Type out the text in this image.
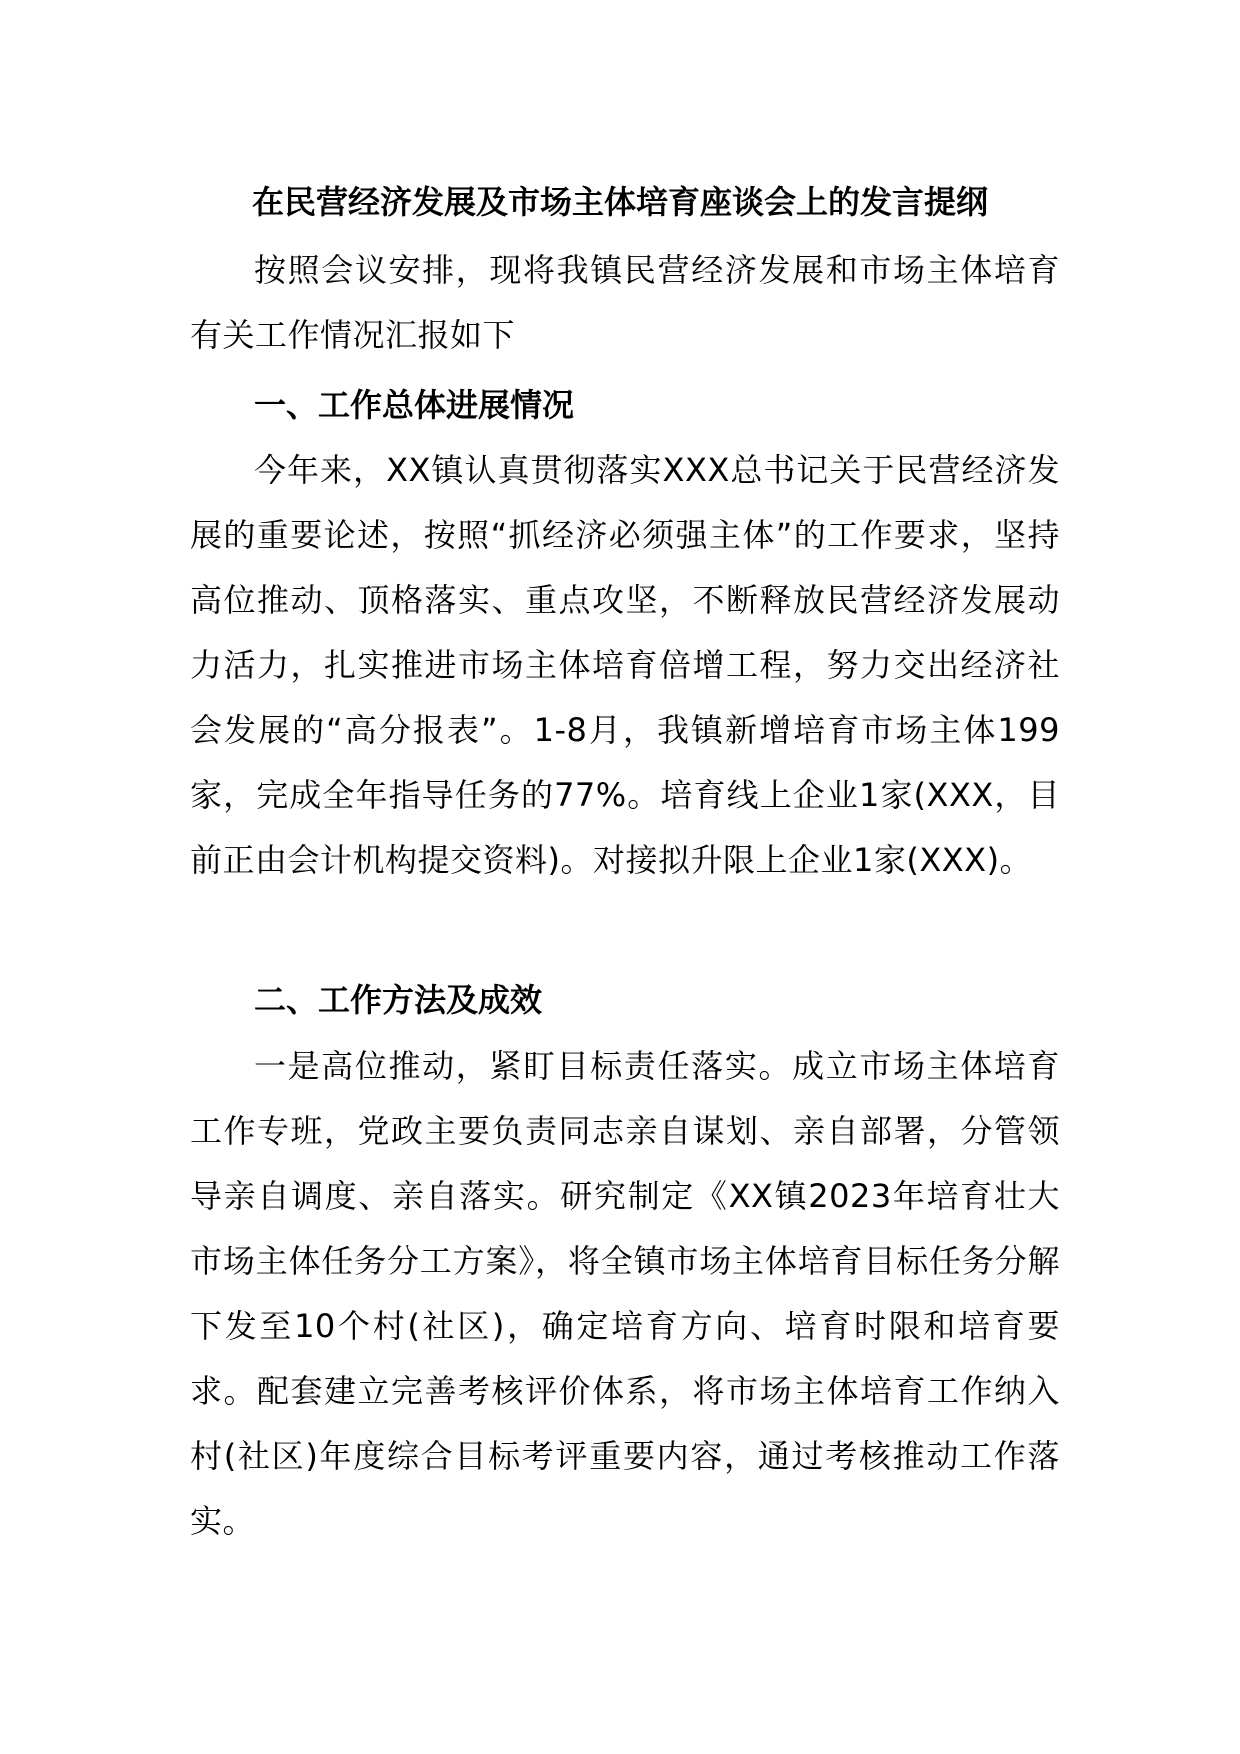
在民营经济发展及市场主体培育座谈会上的发言提纲
按照会议安排，现将我镇民营经济发展和市场主体培育有关工作情况汇报如下
一、工作总体进展情况
今年来，XX镇认真贯彻落实XXX总书记关于民营经济发展的重要论述，按照“抓经济必须强主体”的工作要求，坚持高位推动、顶格落实、重点攻坚，不断释放民营经济发展动力活力，扎实推进市场主体培育倍增工程，努力交出经济社会发展的“高分报表”。1-8月，我镇新增培育市场主体199家，完成全年指导任务的77%。培育线上企业1家(XXX，目前正由会计机构提交资料)。对接拟升限上企业1家(XXX)。
二、工作方法及成效
一是高位推动，紧盯目标责任落实。成立市场主体培育工作专班，党政主要负责同志亲自谋划、亲自部署，分管领导亲自调度、亲自落实。研究制定《XX镇2023年培育壮大市场主体任务分工方案》，将全镇市场主体培育目标任务分解下发至10个村(社区)，确定培育方向、培育时限和培育要求。配套建立完善考核评价体系，将市场主体培育工作纳入村(社区)年度综合目标考评重要内容，通过考核推动工作落实。
